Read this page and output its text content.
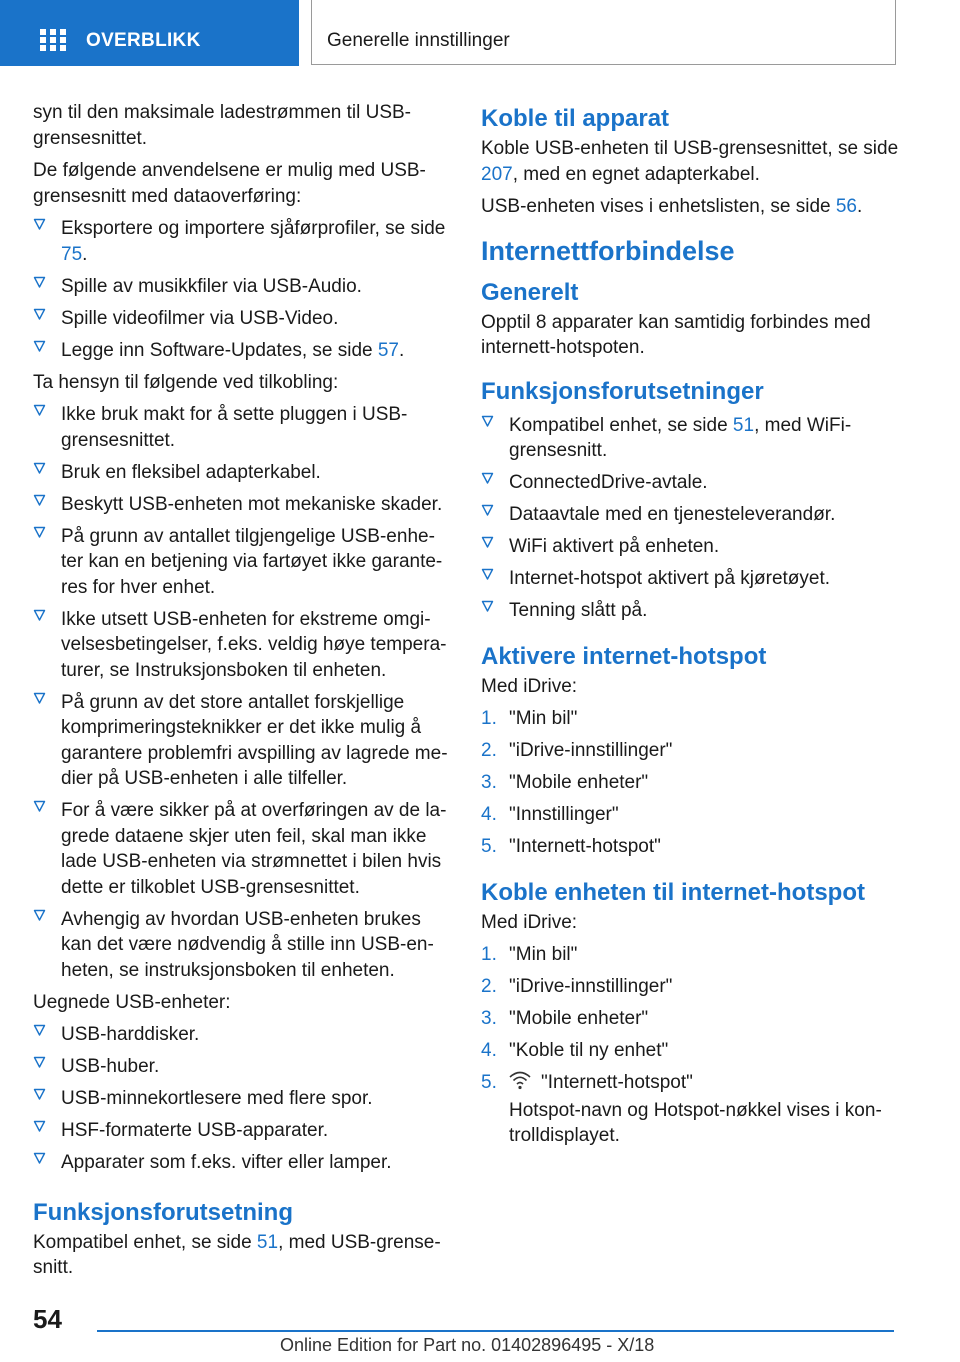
OVERBLIKK	Generelle innstillinger

syn til den maksimale ladestrømmen til USB-grensesnittet.

De følgende anvendelsene er mulig med USB-grensesnitt med dataoverføring:

Eksportere og importere sjåførprofiler, se side 75.
Spille av musikkfiler via USB-Audio.
Spille videofilmer via USB-Video.
Legge inn Software-Updates, se side 57.

Ta hensyn til følgende ved tilkobling:

Ikke bruk makt for å sette pluggen i USB-grensesnittet.
Bruk en fleksibel adapterkabel.
Beskytt USB-enheten mot mekaniske skader.
På grunn av antallet tilgjengelige USB-enhe-ter kan en betjening via fartøyet ikke garante-res for hver enhet.
Ikke utsett USB-enheten for ekstreme omgi-velsesbetingelser, f.eks. veldig høye tempera-turer, se Instruksjonsboken til enheten.
På grunn av det store antallet forskjellige komprimeringsteknikker er det ikke mulig å garantere problemfri avspilling av lagrede me-dier på USB-enheten i alle tilfeller.
For å være sikker på at overføringen av de la-grede dataene skjer uten feil, skal man ikke lade USB-enheten via strømnettet i bilen hvis dette er tilkoblet USB-grensesnittet.
Avhengig av hvordan USB-enheten brukes kan det være nødvendig å stille inn USB-en-heten, se instruksjonsboken til enheten.

Uegnede USB-enheter:

USB-harddisker.
USB-huber.
USB-minnekortlesere med flere spor.
HSF-formaterte USB-apparater.
Apparater som f.eks. vifter eller lamper.
Funksjonsforutsetning

Kompatibel enhet, se side 51, med USB-grense-snitt.

Koble til apparat

Koble USB-enheten til USB-grensesnittet, se side 207, med en egnet adapterkabel.

USB-enheten vises i enhetslisten, se side 56.

Internettforbindelse
Generelt

Opptil 8 apparater kan samtidig forbindes med internett-hotspoten.

Funksjonsforutsetninger
Kompatibel enhet, se side 51, med WiFi-grensesnitt.
ConnectedDrive-avtale.
Dataavtale med en tjenesteleverandør.
WiFi aktivert på enheten.
Internet-hotspot aktivert på kjøretøyet.
Tenning slått på.
Aktivere internet-hotspot

Med iDrive:

1. "Min bil"
2. "iDrive-innstillinger"
3. "Mobile enheter"
4. "Innstillinger"
5. "Internett-hotspot"
Koble enheten til internet-hotspot

Med iDrive:

1. "Min bil"
2. "iDrive-innstillinger"
3. "Mobile enheter"
4. "Koble til ny enhet"
5. "Internett-hotspot"

Hotspot-navn og Hotspot-nøkkel vises i kon-trolldisplayet.

54
Online Edition for Part no. 01402896495 - X/18
